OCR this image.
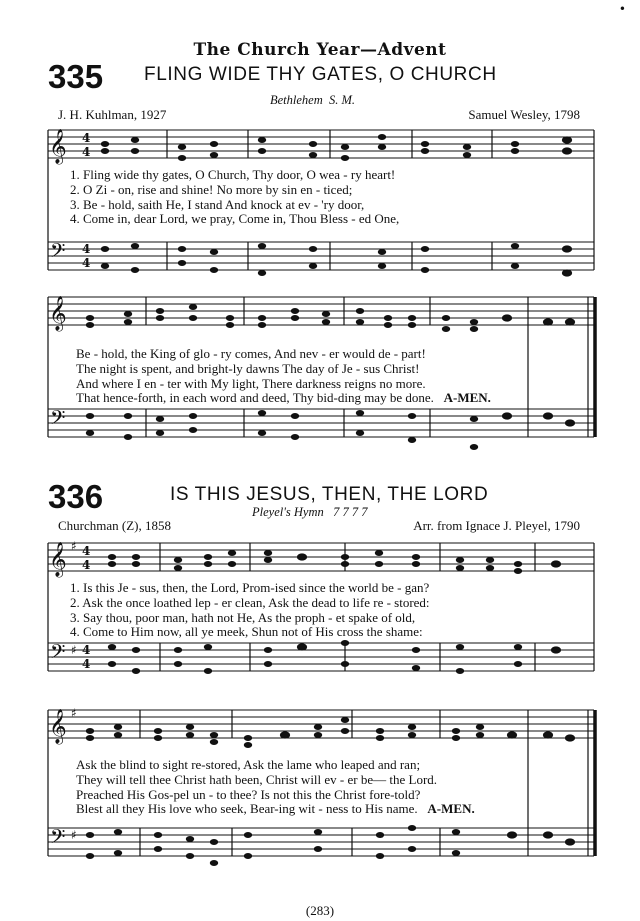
•
The Church Year—Advent
335 FLING WIDE THY GATES, O CHURCH
Bethlehem S. M.
J. H. Kuhlman, 1927	Samuel Wesley, 1798
𝄞 4
4
𝄢 4
4
1. Fling wide thy gates, O Church, Thy door, O wea - ry heart!
2. O Zi - on, rise and shine! No more by sin en - ticed;
3. Be - hold, saith He, I stand And knock at ev - 'ry door,
4. Come in, dear Lord, we pray, Come in, Thou Bless - ed One,
𝄞
𝄢
Be - hold, the King of glo - ry comes, And nev - er would de - part!
The night is spent, and bright-ly dawns The day of Je - sus Christ!
And where I en - ter with My light, There darkness reigns no more.
That hence-forth, in each word and deed, Thy bid-ding may be done. A-MEN.
336	IS THIS JESUS, THEN, THE LORD
Pleyel's Hymn 7 7 7 7
Churchman (Z), 1858	Arr. from Ignace J. Pleyel, 1790
𝄞 ♯ 4
4
𝄢 ♯ 4
4
1. Is this Je - sus, then, the Lord, Prom-ised since the world be - gan?
2. Ask the once loathed lep - er clean, Ask the dead to life re - stored:
3. Say thou, poor man, hath not He, As the proph - et spake of old,
4. Come to Him now, all ye meek, Shun not of His cross the shame:
𝄞 ♯
𝄢 ♯
Ask the blind to sight re-stored, Ask the lame who leaped and ran;
They will tell thee Christ hath been, Christ will ev - er be— the Lord.
Preached His Gos-pel un - to thee? Is not this the Christ fore-told?
Blest all they His love who seek, Bear-ing wit - ness to His name. A-MEN.
(283)
